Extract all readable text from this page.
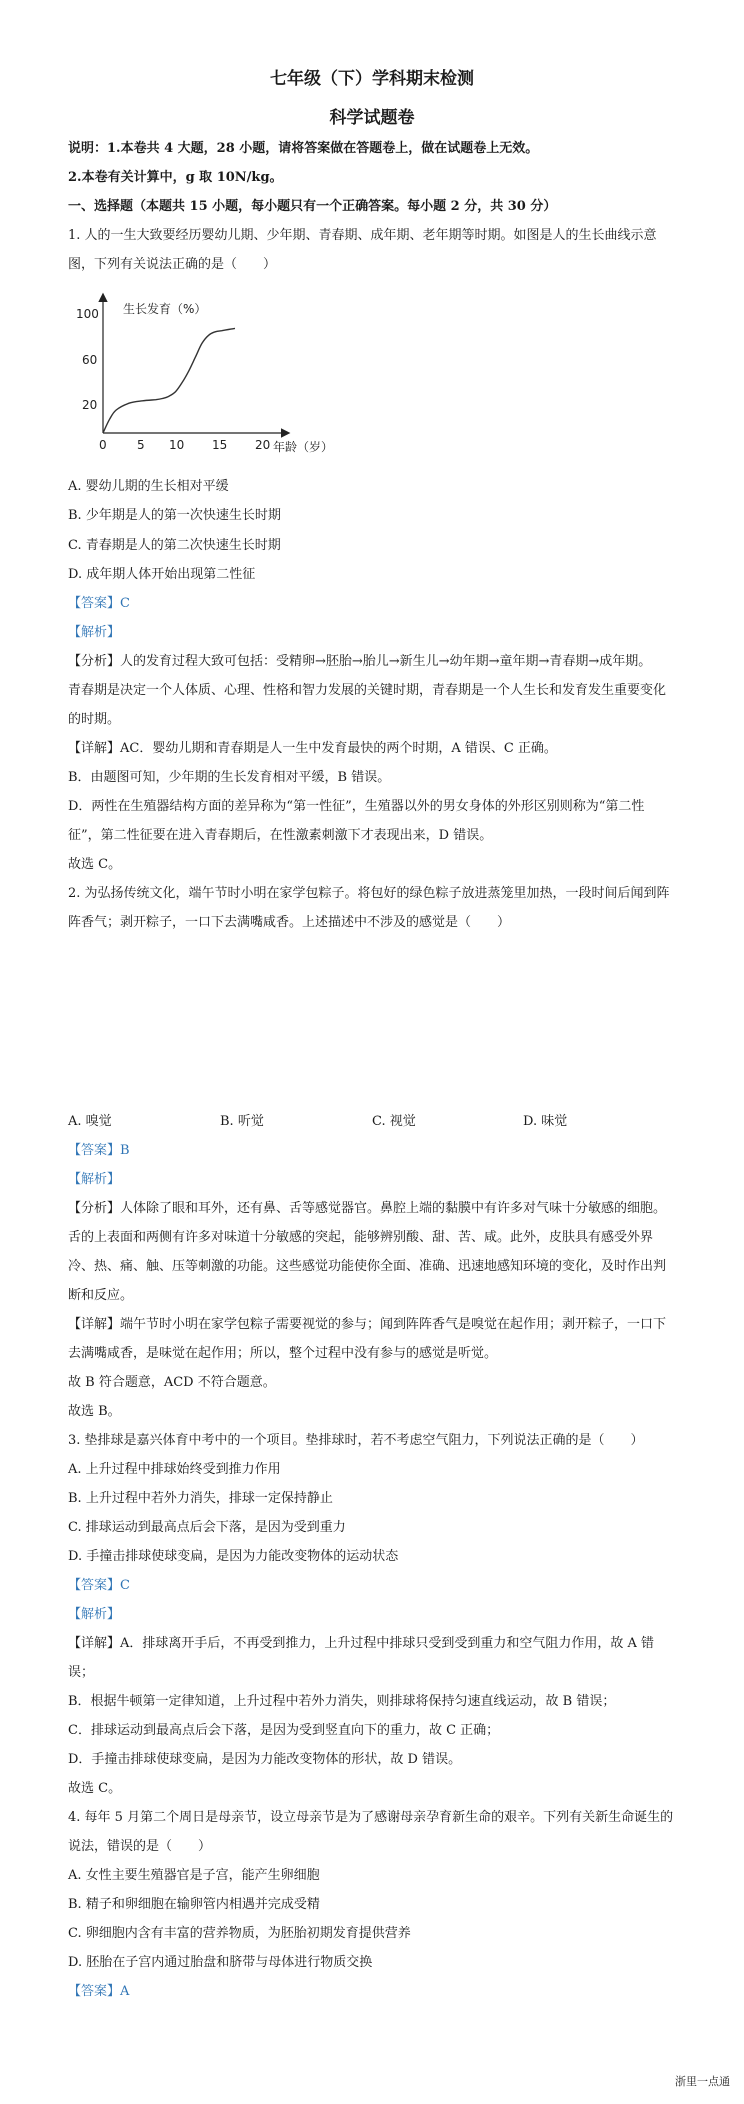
七年级（下）学科期末检测
科学试题卷
说明：1.本卷共 4 大题，28 小题，请将答案做在答题卷上，做在试题卷上无效。
2.本卷有关计算中，g 取 10N/kg。
一、选择题（本题共 15 小题，每小题只有一个正确答案。每小题 2 分，共 30 分）
1. 人的一生大致要经历婴幼儿期、少年期、青春期、成年期、老年期等时期。如图是人的生长曲线示意
图，下列有关说法正确的是（　　）
生长发育（%）
年龄（岁）
20
60
100
0	5 10 15 20
A. 婴幼儿期的生长相对平缓
B. 少年期是人的第一次快速生长时期
C. 青春期是人的第二次快速生长时期
D. 成年期人体开始出现第二性征
【答案】C
【解析】
【分析】人的发育过程大致可包括：受精卵→胚胎→胎儿→新生儿→幼年期→童年期→青春期→成年期。
青春期是决定一个人体质、心理、性格和智力发展的关键时期，青春期是一个人生长和发育发生重要变化
的时期。
【详解】AC．婴幼儿期和青春期是人一生中发育最快的两个时期，A 错误、C 正确。
B．由题图可知，少年期的生长发育相对平缓，B 错误。
D．两性在生殖器结构方面的差异称为“第一性征”，生殖器以外的男女身体的外形区别则称为“第二性
征”，第二性征要在进入青春期后，在性激素刺激下才表现出来，D 错误。
故选 C。
2. 为弘扬传统文化，端午节时小明在家学包粽子。将包好的绿色粽子放进蒸笼里加热，一段时间后闻到阵
阵香气；剥开粽子，一口下去满嘴咸香。上述描述中不涉及的感觉是（　　）
A. 嗅觉	B. 听觉	C. 视觉	D. 味觉
【答案】B
【解析】
【分析】人体除了眼和耳外，还有鼻、舌等感觉器官。鼻腔上端的黏膜中有许多对气味十分敏感的细胞。
舌的上表面和两侧有许多对味道十分敏感的突起，能够辨别酸、甜、苦、咸。此外，皮肤具有感受外界
冷、热、痛、触、压等刺激的功能。这些感觉功能使你全面、准确、迅速地感知环境的变化，及时作出判
断和反应。
【详解】端午节时小明在家学包粽子需要视觉的参与；闻到阵阵香气是嗅觉在起作用；剥开粽子，一口下
去满嘴咸香，是味觉在起作用；所以，整个过程中没有参与的感觉是听觉。
故 B 符合题意，ACD 不符合题意。
故选 B。
3. 垫排球是嘉兴体育中考中的一个项目。垫排球时，若不考虑空气阻力，下列说法正确的是（　　）
A. 上升过程中排球始终受到推力作用
B. 上升过程中若外力消失，排球一定保持静止
C. 排球运动到最高点后会下落，是因为受到重力
D. 手撞击排球使球变扁，是因为力能改变物体的运动状态
【答案】C
【解析】
【详解】A．排球离开手后，不再受到推力，上升过程中排球只受到受到重力和空气阻力作用，故 A 错
误；
B．根据牛顿第一定律知道，上升过程中若外力消失，则排球将保持匀速直线运动，故 B 错误；
C．排球运动到最高点后会下落，是因为受到竖直向下的重力，故 C 正确；
D．手撞击排球使球变扁，是因为力能改变物体的形状，故 D 错误。
故选 C。
4. 每年 5 月第二个周日是母亲节，设立母亲节是为了感谢母亲孕育新生命的艰辛。下列有关新生命诞生的
说法，错误的是（　　）
A. 女性主要生殖器官是子宫，能产生卵细胞
B. 精子和卵细胞在输卵管内相遇并完成受精
C. 卵细胞内含有丰富的营养物质，为胚胎初期发育提供营养
D. 胚胎在子宫内通过胎盘和脐带与母体进行物质交换
【答案】A
浙里一点通
